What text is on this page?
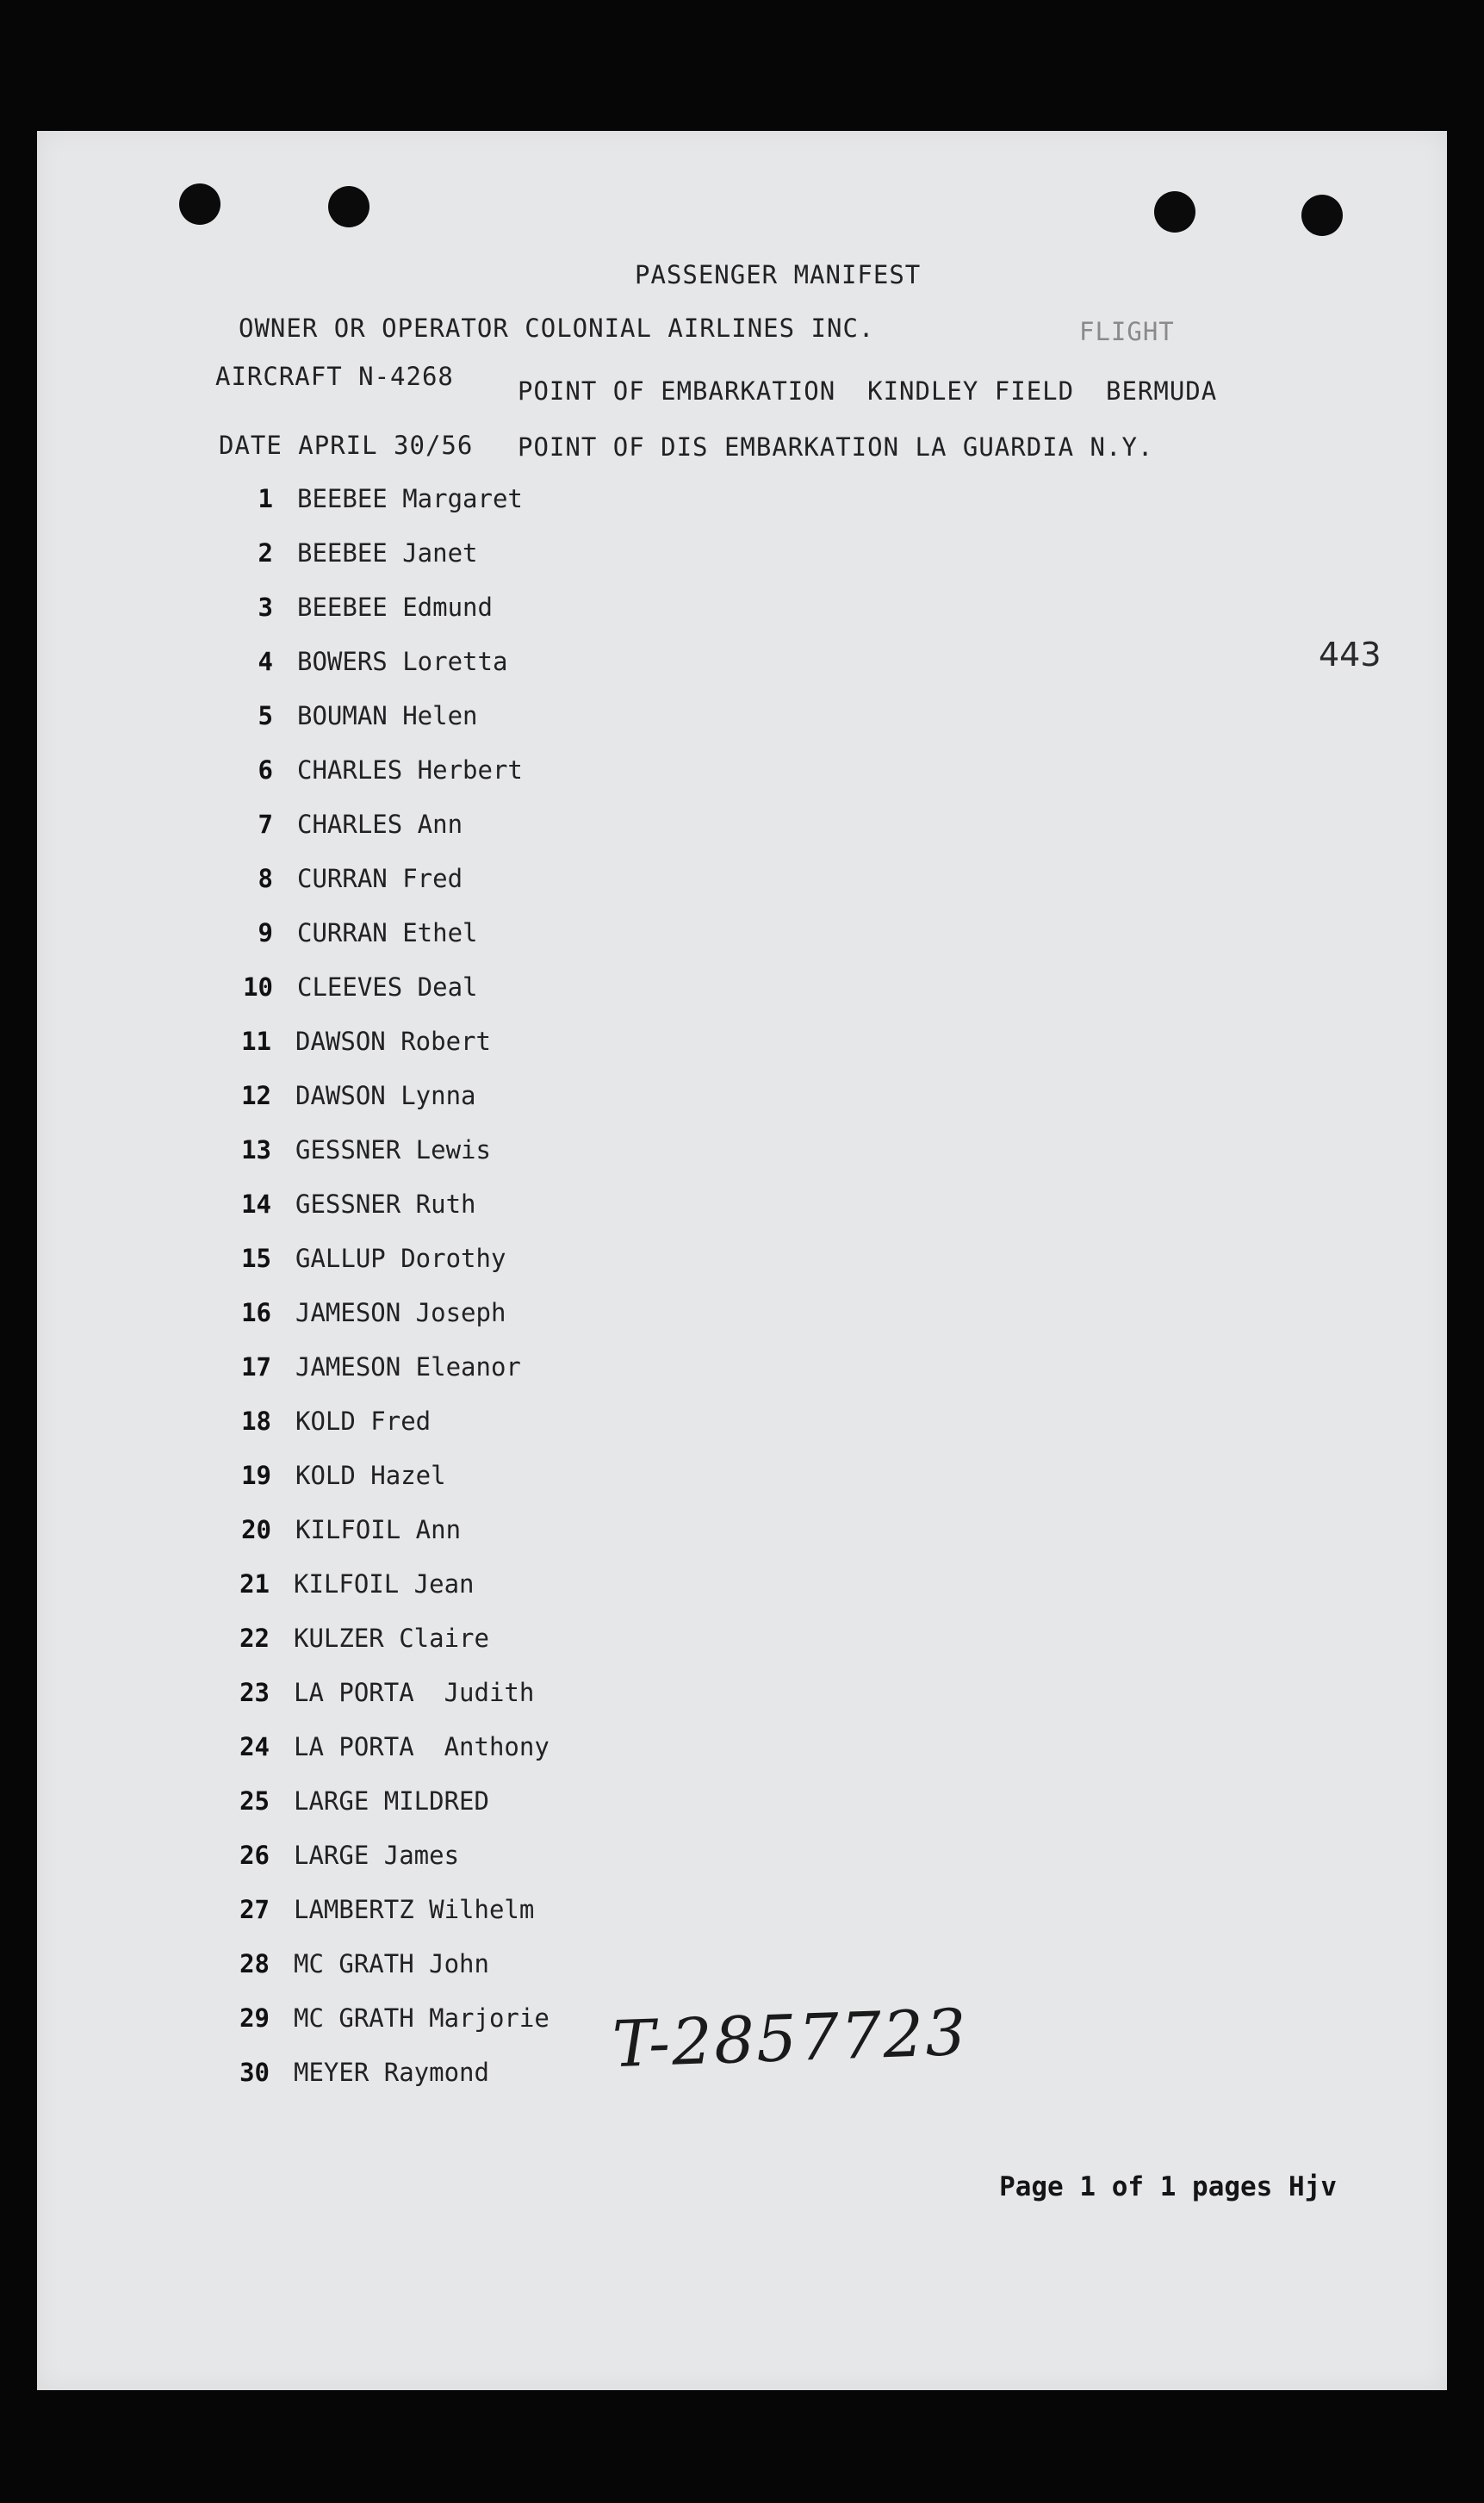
PASSENGER MANIFEST
OWNER OR OPERATOR COLONIAL AIRLINES INC.	FLIGHT
AIRCRAFT N-4268	POINT OF EMBARKATION  KINDLEY FIELD  BERMUDA
DATE APRIL 30/56 POINT OF DIS EMBARKATION LA GUARDIA N.Y.
443
1 BEEBEE Margaret
2 BEEBEE Janet
3 BEEBEE Edmund
4 BOWERS Loretta
5 BOUMAN Helen
6 CHARLES Herbert
7 CHARLES Ann
8 CURRAN Fred
9 CURRAN Ethel
10 CLEEVES Deal
11 DAWSON Robert
12 DAWSON Lynna
13 GESSNER Lewis
14 GESSNER Ruth
15 GALLUP Dorothy
16 JAMESON Joseph
17 JAMESON Eleanor
18 KOLD Fred
19 KOLD Hazel
20 KILFOIL Ann
21 KILFOIL Jean
22 KULZER Claire
23 LA PORTA  Judith
24 LA PORTA  Anthony
25 LARGE MILDRED
26 LARGE James
27 LAMBERTZ Wilhelm
28 MC GRATH John
29 MC GRATH Marjorie
30 MEYER Raymond T-2857723
Page 1 of 1 pages Hjv
